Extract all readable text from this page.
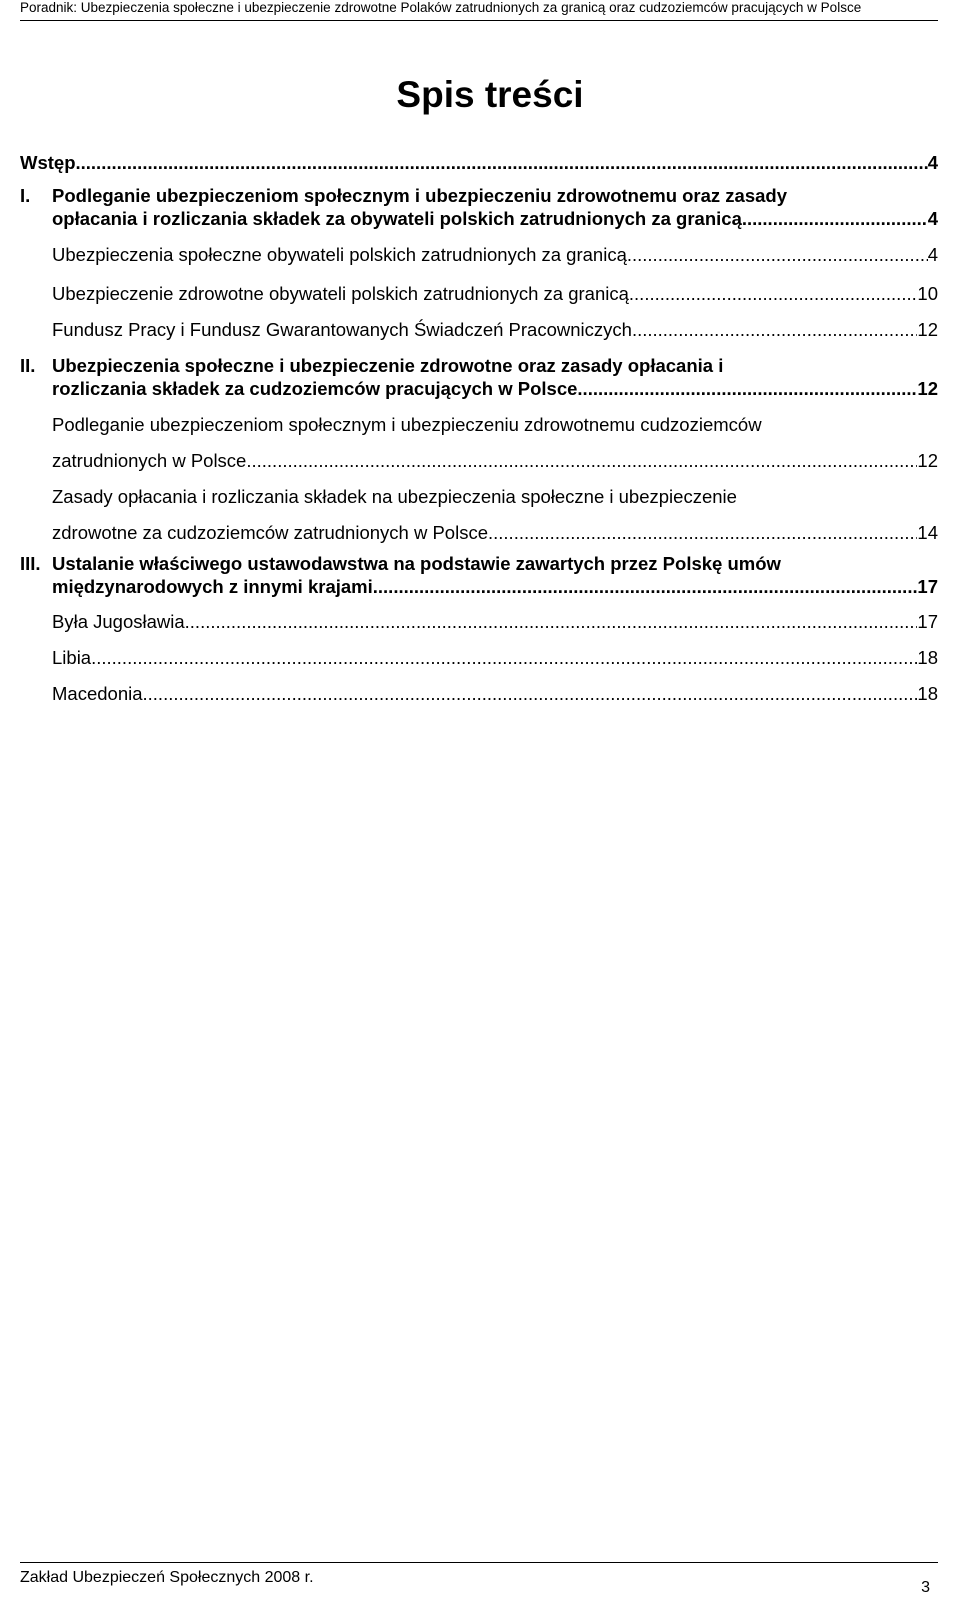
Poradnik: Ubezpieczenia społeczne i ubezpieczenie zdrowotne Polaków zatrudnionych za granicą oraz cudzoziemców pracujących w Polsce
Spis treści
Wstęp .....	4
I.	Podleganie ubezpieczeniom społecznym i ubezpieczeniu zdrowotnemu oraz zasady
opłacania i rozliczania składek za obywateli polskich zatrudnionych za granicą .....	4
Ubezpieczenia społeczne obywateli polskich zatrudnionych za granicą .....	4
Ubezpieczenie zdrowotne obywateli polskich zatrudnionych za granicą .....	10
Fundusz Pracy i Fundusz Gwarantowanych Świadczeń Pracowniczych .....	12
II. Ubezpieczenia społeczne i ubezpieczenie zdrowotne oraz zasady opłacania i
rozliczania składek za cudzoziemców pracujących w Polsce .....	12
Podleganie ubezpieczeniom społecznym i ubezpieczeniu zdrowotnemu cudzoziemców
zatrudnionych w Polsce .....	12
Zasady opłacania i rozliczania składek na ubezpieczenia społeczne i ubezpieczenie
zdrowotne za cudzoziemców zatrudnionych w Polsce .....	14
III. Ustalanie właściwego ustawodawstwa na podstawie zawartych przez Polskę umów
międzynarodowych z innymi krajami .....	17
Była Jugosławia .....	17
Libia .....	18
Macedonia .....	18
Zakład Ubezpieczeń Społecznych 2008 r.
3
